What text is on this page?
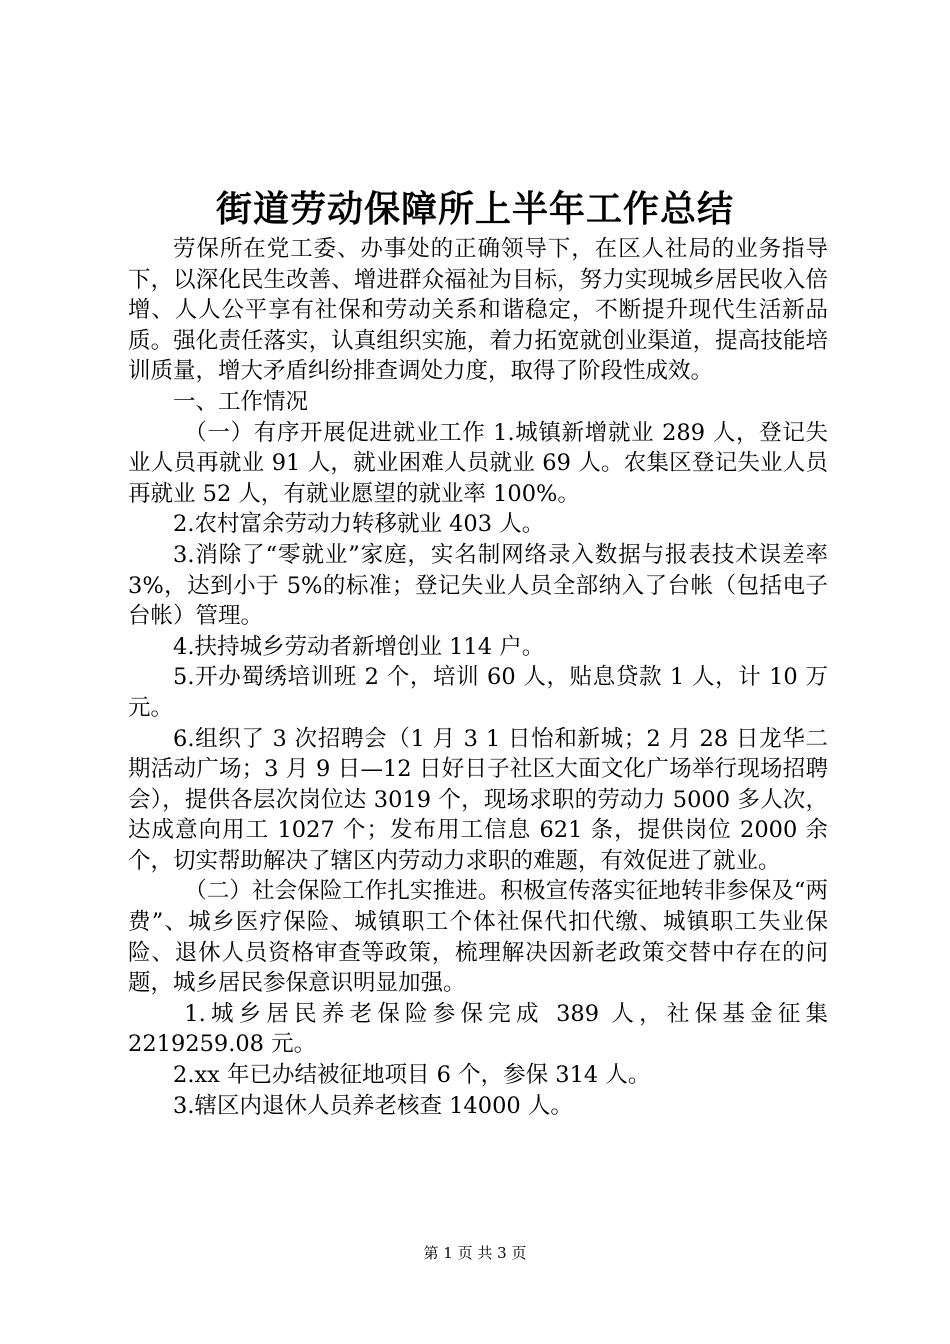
街道劳动保障所上半年工作总结

劳保所在党工委、办事处的正确领导下，在区人社局的业务指导下，以深化民生改善、增进群众福祉为目标，努力实现城乡居民收入倍增、人人公平享有社保和劳动关系和谐稳定，不断提升现代生活新品质。强化责任落实，认真组织实施，着力拓宽就创业渠道，提高技能培训质量，增大矛盾纠纷排查调处力度，取得了阶段性成效。

一、工作情况

（一）有序开展促进就业工作 1.城镇新增就业 289 人，登记失业人员再就业 91 人，就业困难人员就业 69 人。农集区登记失业人员再就业 52 人，有就业愿望的就业率 100%。

2.农村富余劳动力转移就业 403 人。

3.消除了“零就业”家庭，实名制网络录入数据与报表技术误差率 3%，达到小于 5%的标准；登记失业人员全部纳入了台帐（包括电子台帐）管理。

4.扶持城乡劳动者新增创业 114 户。

5.开办蜀绣培训班 2 个，培训 60 人，贴息贷款 1 人，计 10 万元。

6.组织了 3 次招聘会（1 月 3 1 日怡和新城；2 月 28 日龙华二期活动广场；3 月 9 日—12 日好日子社区大面文化广场举行现场招聘会），提供各层次岗位达 3019 个，现场求职的劳动力 5000 多人次，达成意向用工 1027 个；发布用工信息 621 条，提供岗位 2000 余个，切实帮助解决了辖区内劳动力求职的难题，有效促进了就业。

（二）社会保险工作扎实推进。积极宣传落实征地转非参保及“两费”、城乡医疗保险、城镇职工个体社保代扣代缴、城镇职工失业保险、退休人员资格审查等政策，梳理解决因新老政策交替中存在的问题，城乡居民参保意识明显加强。

1.城乡居民养老保险参保完成 389 人，社保基金征集2219259.08 元。

2.xx 年已办结被征地项目 6 个，参保 314 人。

3.辖区内退休人员养老核查 14000 人。

第 1 页 共 3 页
